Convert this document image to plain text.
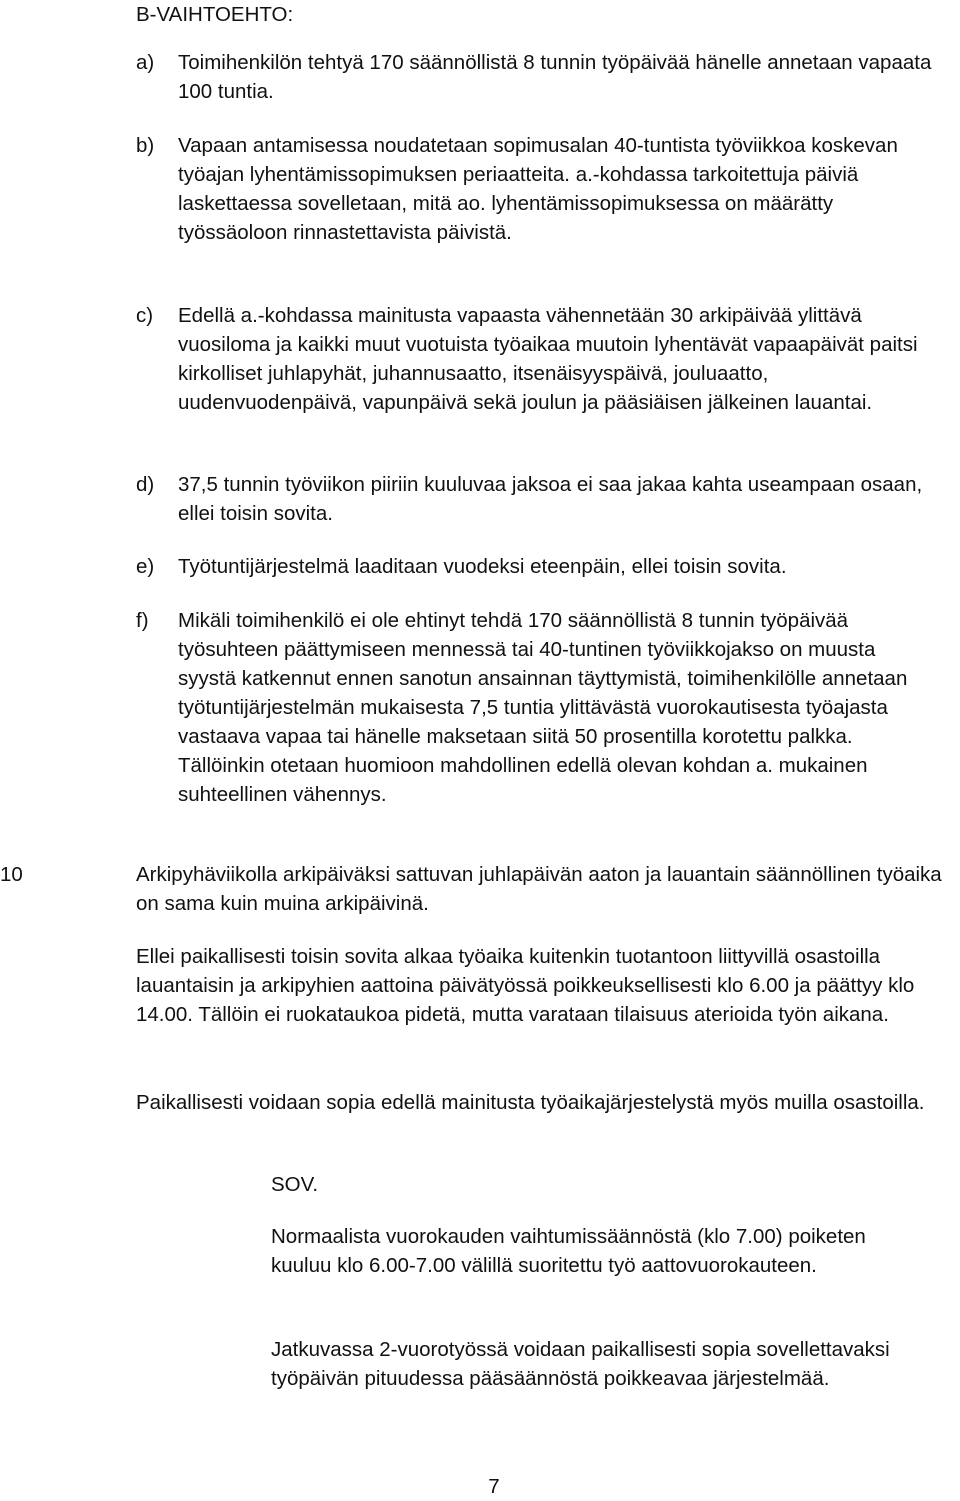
B-VAIHTOEHTO:
a) Toimihenkilön tehtyä 170 säännöllistä 8 tunnin työpäivää hänelle annetaan vapaata 100 tuntia.
b) Vapaan antamisessa noudatetaan sopimusalan 40-tuntista työviikkoa koskevan työajan lyhentämissopimuksen periaatteita. a.-kohdassa tarkoitettuja päiviä laskettaessa sovelletaan, mitä ao. lyhentämissopimuksessa on määrätty työssäoloon rinnastettavista päivistä.
c) Edellä a.-kohdassa mainitusta vapaasta vähennetään 30 arkipäivää ylittävä vuosiloma ja kaikki muut vuotuista työaikaa muutoin lyhentävät vapaapäivät paitsi kirkolliset juhlapyhät, juhannusaatto, itsenäisyyspäivä, jouluaatto, uudenvuodenpäivä, vapunpäivä sekä joulun ja pääsiäisen jälkeinen lauantai.
d) 37,5 tunnin työviikon piiriin kuuluvaa jaksoa ei saa jakaa kahta useampaan osaan, ellei toisin sovita.
e) Työtuntijärjestelmä laaditaan vuodeksi eteenpäin, ellei toisin sovita.
f) Mikäli toimihenkilö ei ole ehtinyt tehdä 170 säännöllistä 8 tunnin työpäivää työsuhteen päättymiseen mennessä tai 40-tuntinen työviikkojakso on muusta syystä katkennut ennen sanotun ansainnan täyttymistä, toimihenkilölle annetaan työtuntijärjestelmän mukaisesta 7,5 tuntia ylittävästä vuorokautisesta työajasta vastaava vapaa tai hänelle maksetaan siitä 50 prosentilla korotettu palkka. Tällöinkin otetaan huomioon mahdollinen edellä olevan kohdan a. mukainen suhteellinen vähennys.
10	Arkipyhäviikolla arkipäiväksi sattuvan juhlapäivän aaton ja lauantain säännöllinen työaika on sama kuin muina arkipäivinä.
Ellei paikallisesti toisin sovita alkaa työaika kuitenkin tuotantoon liittyvillä osastoilla lauantaisin ja arkipyhien aattoina päivätyössä poikkeuksellisesti klo 6.00 ja päättyy klo 14.00. Tällöin ei ruokataukoa pidetä, mutta varataan tilaisuus aterioida työn aikana.
Paikallisesti voidaan sopia edellä mainitusta työaikajärjestelystä myös muilla osastoilla.
SOV.
Normaalista vuorokauden vaihtumissäännöstä (klo 7.00) poiketen kuuluu klo 6.00-7.00 välillä suoritettu työ aattovuorokauteen.
Jatkuvassa 2-vuorotyössä voidaan paikallisesti sopia sovellettavaksi työpäivän pituudessa pääsäännöstä poikkeavaa järjestelmää.
7
